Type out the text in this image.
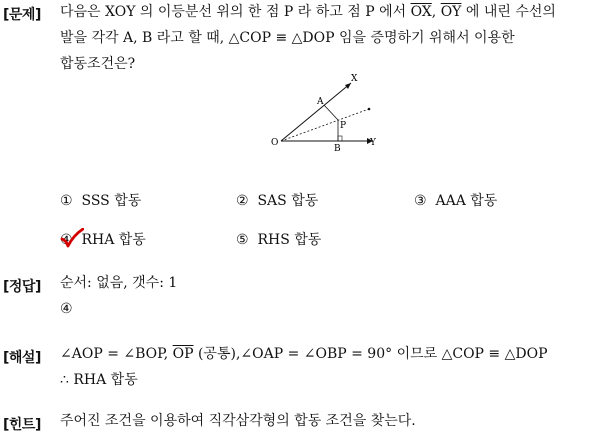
[문제] 다음은 XOY 의 이등분선 위의 한 점 P 라 하고 점 P 에서 $\overline{OX}$, $\overline{OY}$ 에 내린 수선의
발을 각각 A, B 라고 할 때, △COP ≡ △DOP 임을 증명하기 위해서 이용한
합동조건은?
X
A
P
O
B
Y
① SSS 합동	② SAS 합동	③ AAA 합동
④ RHA 합동	⑤ RHS 합동
[정답] 순서: 없음, 갯수: 1
④
[해설] ∠AOP = ∠BOP, $\overline{OP}$ (공통),∠OAP = ∠OBP = 90° 이므로 △COP ≡ △DOP
∴ RHA 합동
[힌트] 주어진 조건을 이용하여 직각삼각형의 합동 조건을 찾는다.
